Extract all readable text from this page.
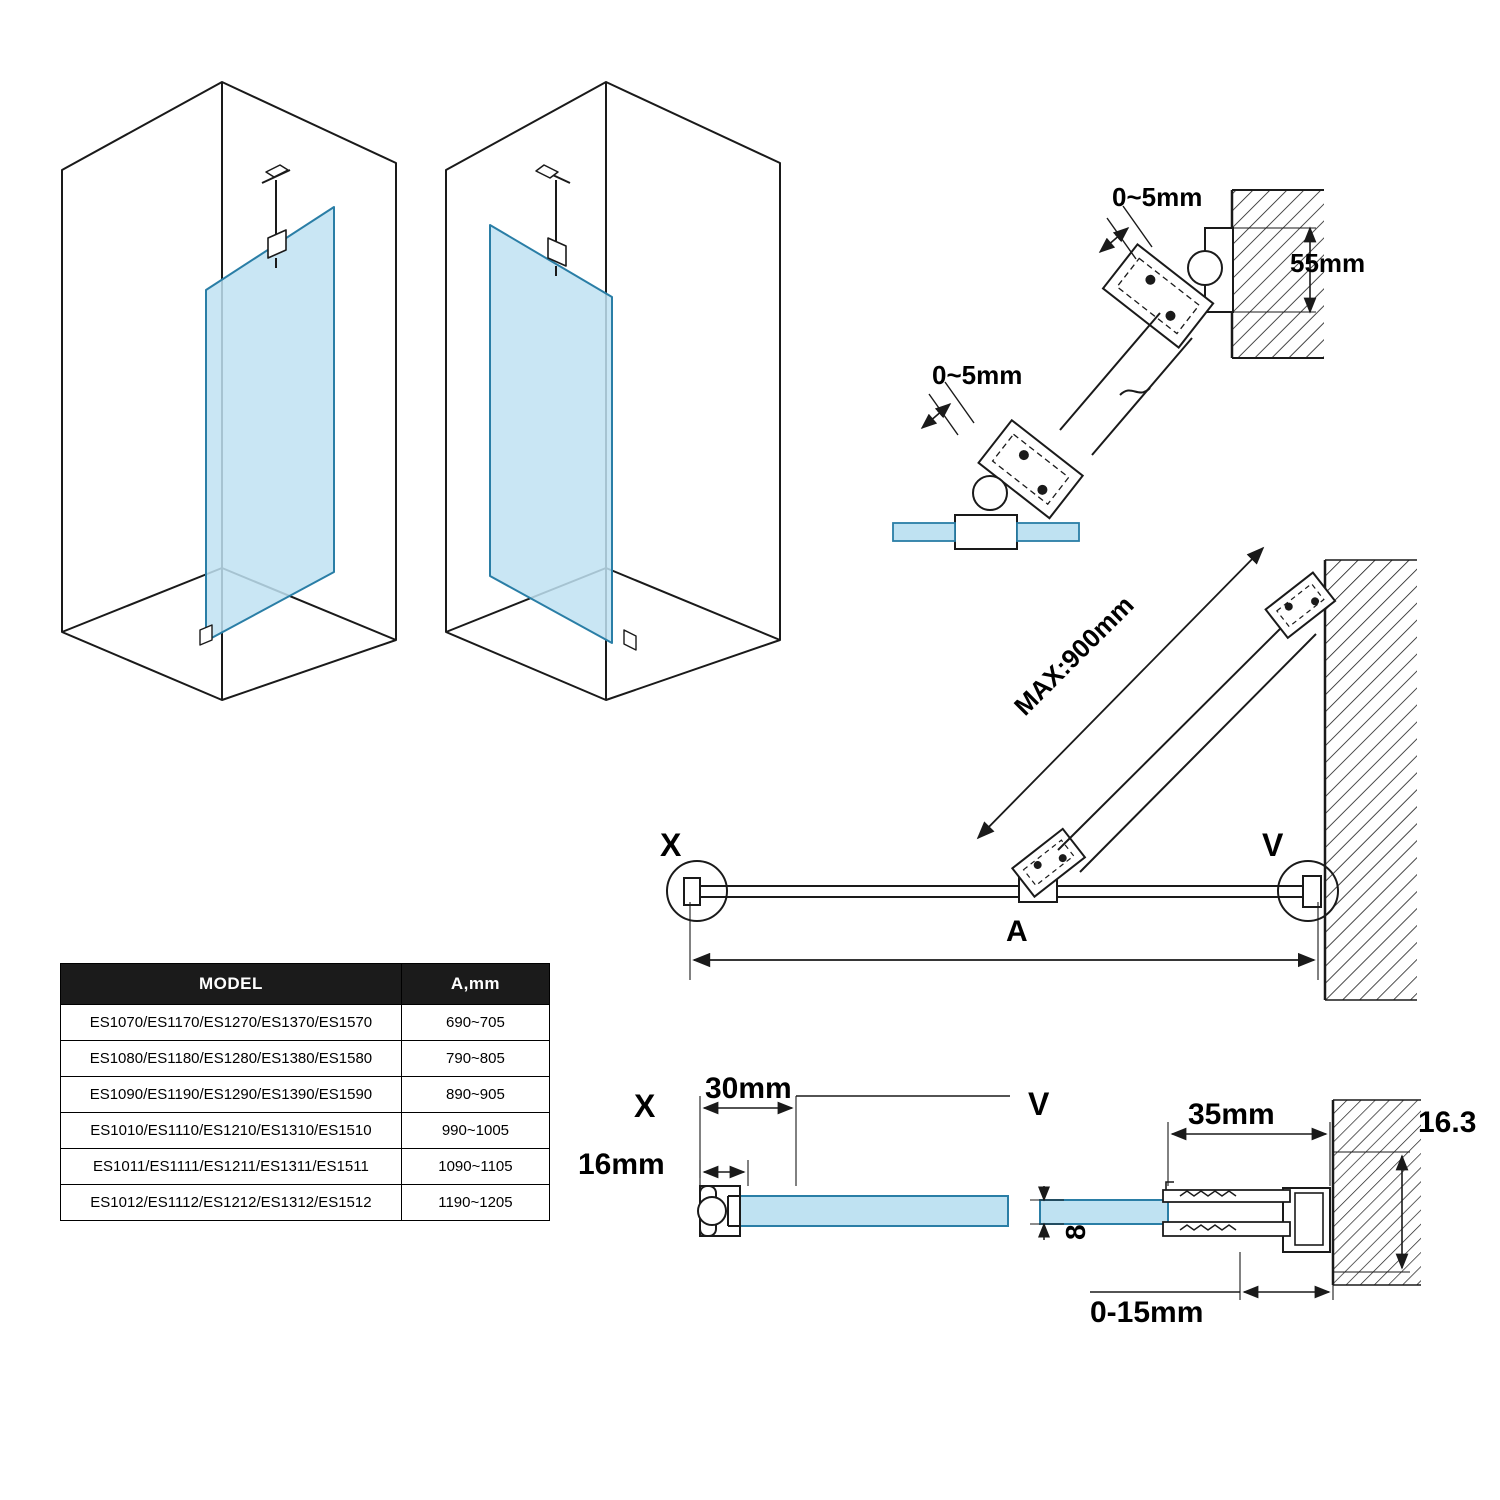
0~5mm
0~5mm
55mm
MAX:900mm
A
X	V
X 30mm
16mm
V	35mm
8
16.3
0-15mm
MODEL	A,mm
ES1070/ES1170/ES1270/ES1370/ES1570	690~705
ES1080/ES1180/ES1280/ES1380/ES1580	790~805
ES1090/ES1190/ES1290/ES1390/ES1590	890~905
ES1010/ES1110/ES1210/ES1310/ES1510	990~1005
ES1011/ES1111/ES1211/ES1311/ES1511	1090~1105
ES1012/ES1112/ES1212/ES1312/ES1512	1190~1205
